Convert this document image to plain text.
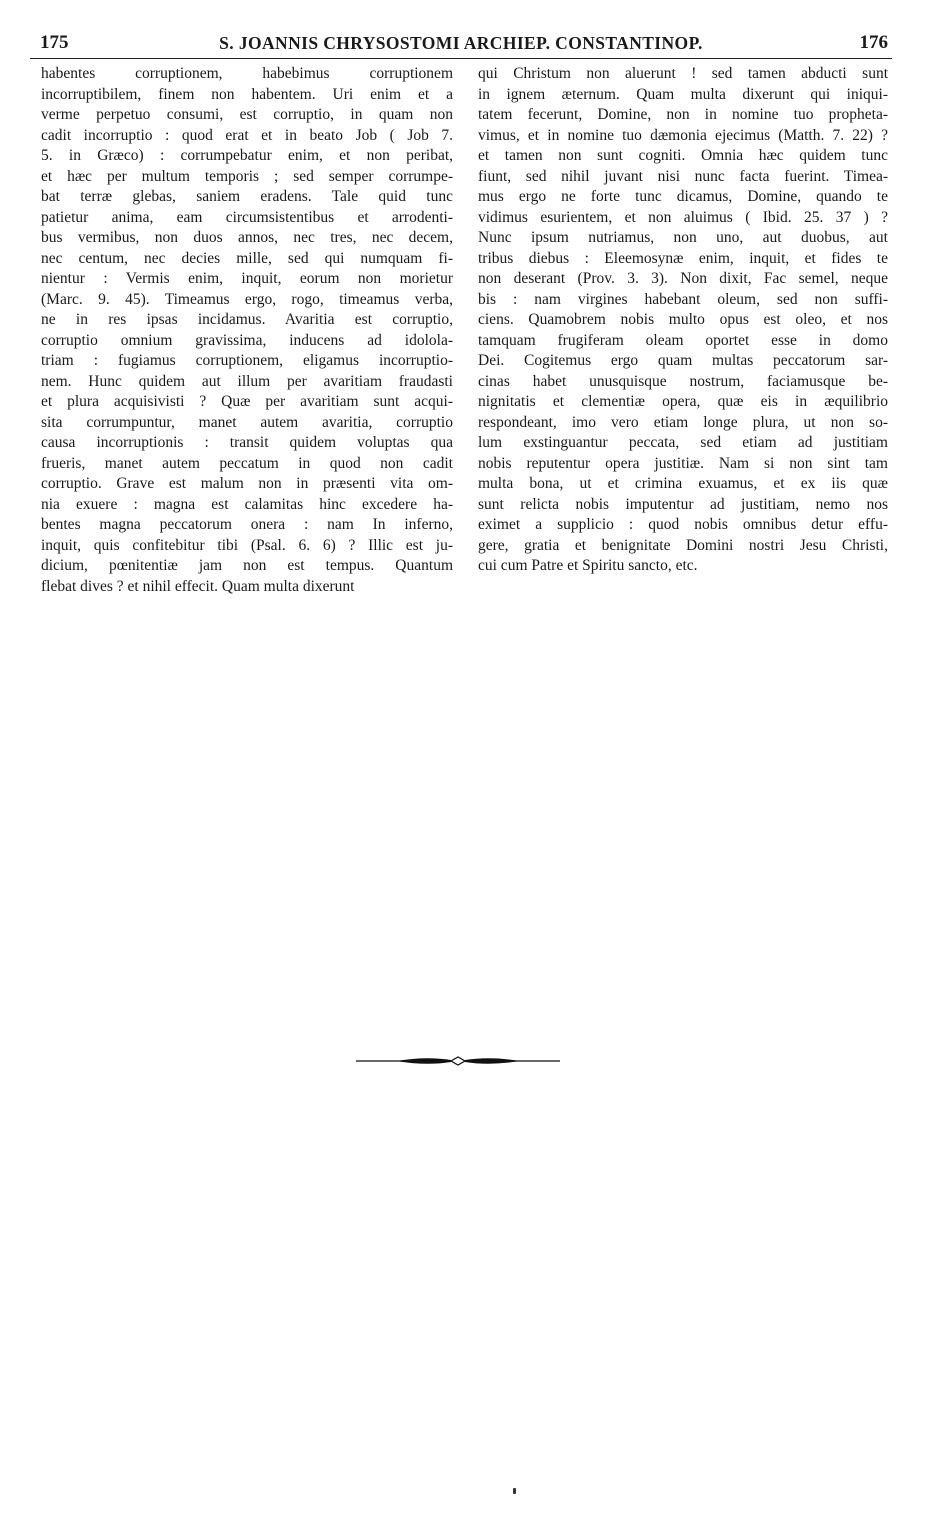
175	S. JOANNIS CHRYSOSTOMI ARCHIEP. CONSTANTINOP.	176
habentes corruptionem, habebimus corruptionem
incorruptibilem, finem non habentem. Uri enim et a
verme perpetuo consumi, est corruptio, in quam non
cadit incorruptio : quod erat et in beato Job ( Job 7.
5. in Græco) : corrumpebatur enim, et non peribat,
et hæc per multum temporis ; sed semper corrumpe-
bat terræ glebas, saniem eradens. Tale quid tunc
patietur anima, eam circumsistentibus et arrodenti-
bus vermibus, non duos annos, nec tres, nec decem,
nec centum, nec decies mille, sed qui numquam fi-
nientur : Vermis enim, inquit, eorum non morietur
(Marc. 9. 45). Timeamus ergo, rogo, timeamus verba,
ne in res ipsas incidamus. Avaritia est corruptio,
corruptio omnium gravissima, inducens ad idolola-
triam : fugiamus corruptionem, eligamus incorruptio-
nem. Hunc quidem aut illum per avaritiam fraudasti
et plura acquisivisti ? Quæ per avaritiam sunt acqui-
sita corrumpuntur, manet autem avaritia, corruptio
causa incorruptionis : transit quidem voluptas qua
frueris, manet autem peccatum in quod non cadit
corruptio. Grave est malum non in præsenti vita om-
nia exuere : magna est calamitas hinc excedere ha-
bentes magna peccatorum onera : nam In inferno,
inquit, quis confitebitur tibi (Psal. 6. 6) ? Illic est ju-
dicium, pœnitentiæ jam non est tempus. Quantum
flebat dives ? et nihil effecit. Quam multa dixerunt
qui Christum non aluerunt ! sed tamen abducti sunt
in ignem æternum. Quam multa dixerunt qui iniqui-
tatem fecerunt, Domine, non in nomine tuo propheta-
vimus, et in nomine tuo dæmonia ejecimus (Matth. 7. 22) ?
et tamen non sunt cogniti. Omnia hæc quidem tunc
fiunt, sed nihil juvant nisi nunc facta fuerint. Timea-
mus ergo ne forte tunc dicamus, Domine, quando te
vidimus esurientem, et non aluimus ( Ibid. 25. 37 ) ?
Nunc ipsum nutriamus, non uno, aut duobus, aut
tribus diebus : Eleemosynæ enim, inquit, et fides te
non deserant (Prov. 3. 3). Non dixit, Fac semel, neque
bis : nam virgines habebant oleum, sed non suffi-
ciens. Quamobrem nobis multo opus est oleo, et nos
tamquam frugiferam oleam oportet esse in domo
Dei. Cogitemus ergo quam multas peccatorum sar-
cinas habet unusquisque nostrum, faciamusque be-
nignitatis et clementiæ opera, quæ eis in æquilibrio
respondeant, imo vero etiam longe plura, ut non so-
lum exstinguantur peccata, sed etiam ad justitiam
nobis reputentur opera justitiæ. Nam si non sint tam
multa bona, ut et crimina exuamus, et ex iis quæ
sunt relicta nobis imputentur ad justitiam, nemo nos
eximet a supplicio : quod nobis omnibus detur effu-
gere, gratia et benignitate Domini nostri Jesu Christi,
cui cum Patre et Spiritu sancto, etc.
